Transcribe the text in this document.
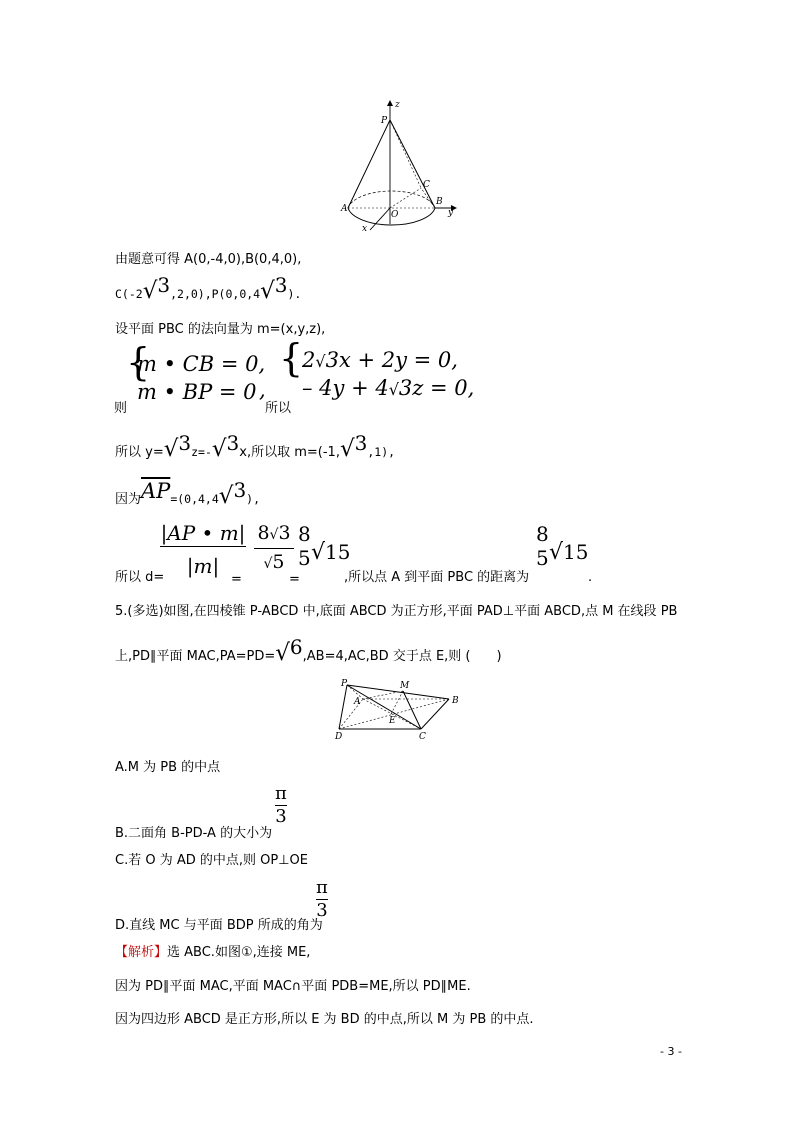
z
P
C
A
O
B
y
x
由题意可得 A(0,-4,0),B(0,4,0),
C(-2√3,2,0),P(0,0,4√3).
设平面 PBC 的法向量为 m=(x,y,z),
{
m • CB = 0,
m • BP = 0
则
,
所以
{
2√3x + 2y = 0,
– 4y + 4√3z = 0,
所以 y=√3z=-√3x,所以取 m=(-1,√3,1),
因为$\overline{AP}=(0,4,4√3)$,
所以 d=
|AP • m|
|m|
=
8√3
√5
=
8
5 √15
,所以点 A 到平面 PBC 的距离为
8
5 √15
.
5.(多选)如图,在四棱锥 P-ABCD 中,底面 ABCD 为正方形,平面 PAD⊥平面 ABCD,点 M 在线段 PB
上,PD∥平面 MAC,PA=PD=√6,AB=4,AC,BD 交于点 E,则 (　　)
P	M
A
E
B
D	C
A.M 为 PB 的中点
B.二面角 B-PD-A 的大小为
π
3
C.若 O 为 AD 的中点,则 OP⊥OE
D.直线 MC 与平面 BDP 所成的角为
π
3
【解析】选 ABC.如图①,连接 ME,
因为 PD∥平面 MAC,平面 MAC∩平面 PDB=ME,所以 PD∥ME.
因为四边形 ABCD 是正方形,所以 E 为 BD 的中点,所以 M 为 PB 的中点.
- 3 -
